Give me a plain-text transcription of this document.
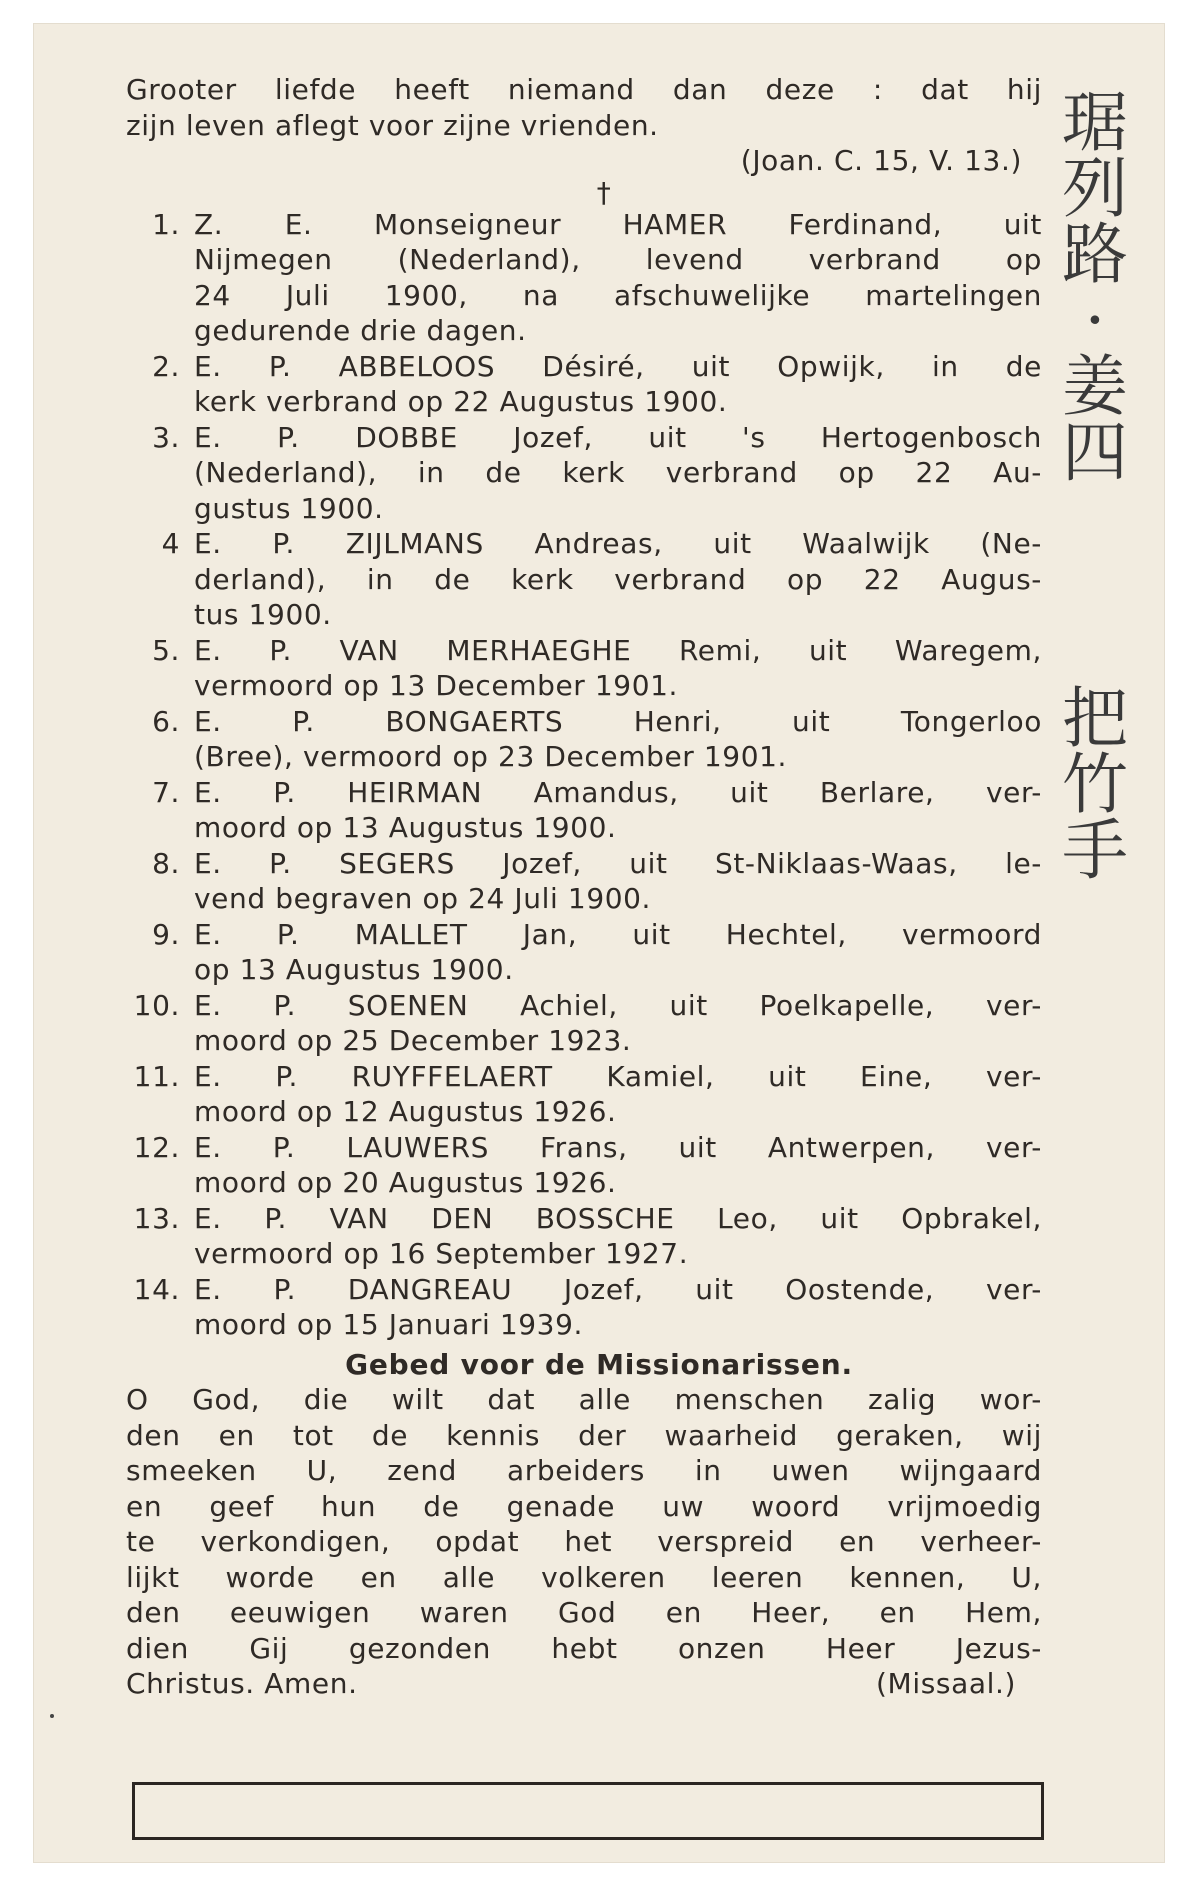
Grooter liefde heeft niemand dan deze : dat hij
zijn leven aflegt voor zijne vrienden.
(Joan. C. 15, V. 13.)
†
1. Z. E. Monseigneur HAMER Ferdinand, uit
Nijmegen (Nederland), levend verbrand op
24 Juli 1900, na afschuwelijke martelingen
gedurende drie dagen.
2. E. P. ABBELOOS Désiré, uit Opwijk, in de
kerk verbrand op 22 Augustus 1900.
3. E. P. DOBBE Jozef, uit 's Hertogenbosch
(Nederland), in de kerk verbrand op 22 Au-
gustus 1900.
4 E. P. ZIJLMANS Andreas, uit Waalwijk (Ne-
derland), in de kerk verbrand op 22 Augus-
tus 1900.
5. E. P. VAN MERHAEGHE Remi, uit Waregem,
vermoord op 13 December 1901.
6. E. P. BONGAERTS Henri, uit Tongerloo
(Bree), vermoord op 23 December 1901.
7. E. P. HEIRMAN Amandus, uit Berlare, ver-
moord op 13 Augustus 1900.
8. E. P. SEGERS Jozef, uit St-Niklaas-Waas, le-
vend begraven op 24 Juli 1900.
9. E. P. MALLET Jan, uit Hechtel, vermoord
op 13 Augustus 1900.
10. E. P. SOENEN Achiel, uit Poelkapelle, ver-
moord op 25 December 1923.
11. E. P. RUYFFELAERT Kamiel, uit Eine, ver-
moord op 12 Augustus 1926.
12. E. P. LAUWERS Frans, uit Antwerpen, ver-
moord op 20 Augustus 1926.
13. E. P. VAN DEN BOSSCHE Leo, uit Opbrakel,
vermoord op 16 September 1927.
14. E. P. DANGREAU Jozef, uit Oostende, ver-
moord op 15 Januari 1939.
Gebed voor de Missionarissen.
O God, die wilt dat alle menschen zalig wor-
den en tot de kennis der waarheid geraken, wij
smeeken U, zend arbeiders in uwen wijngaard
en geef hun de genade uw woord vrijmoedig
te verkondigen, opdat het verspreid en verheer-
lijkt worde en alle volkeren leeren kennen, U,
den eeuwigen waren God en Heer, en Hem,
dien Gij gezonden hebt onzen Heer Jezus-
Christus. Amen.	(Missaal.)
琚
列
路
·
姜
四
把
竹
手
